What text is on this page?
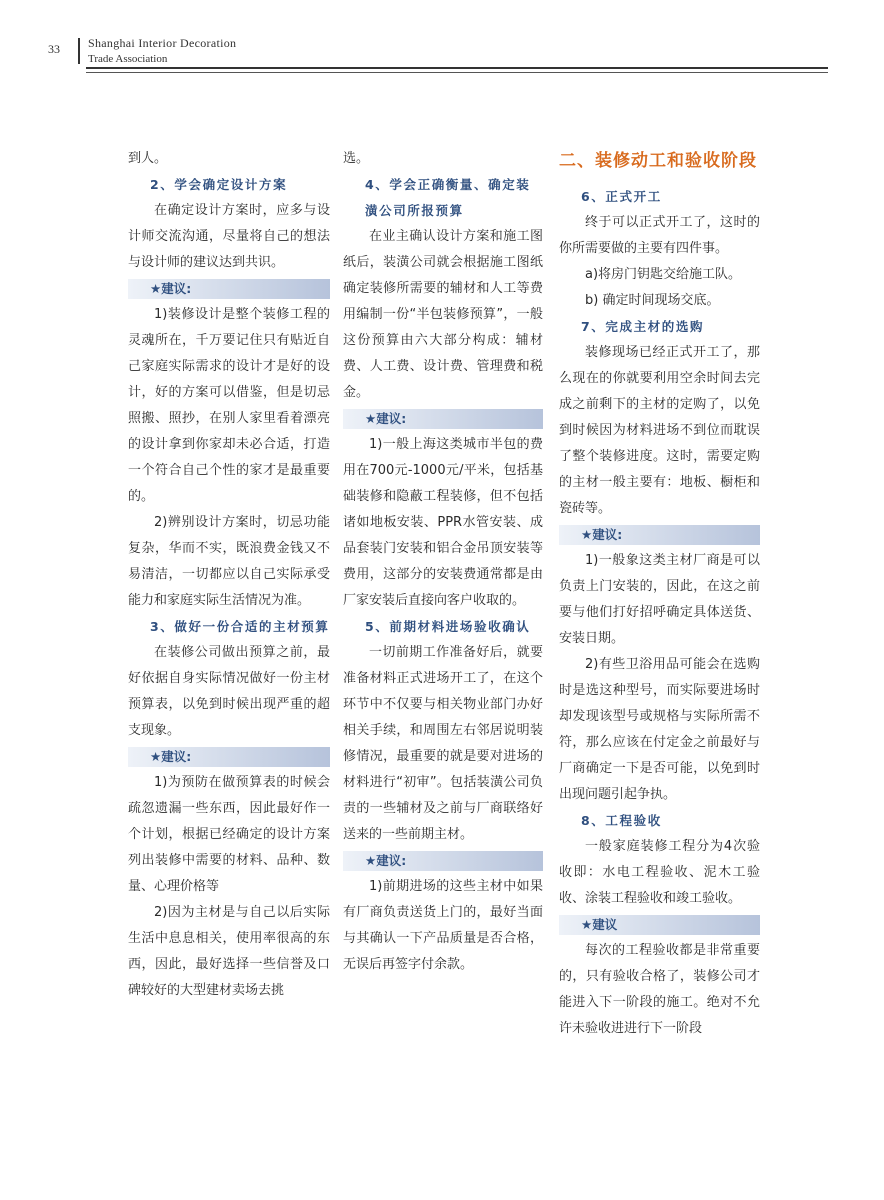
33 Shanghai Interior Decoration
Trade Association

到人。

2、学会确定设计方案

在确定设计方案时，应多与设计师交流沟通，尽量将自己的想法与设计师的建议达到共识。

★建议:

1)装修设计是整个装修工程的灵魂所在，千万要记住只有贴近自己家庭实际需求的设计才是好的设计，好的方案可以借鉴，但是切忌照搬、照抄，在别人家里看着漂亮的设计拿到你家却未必合适，打造一个符合自己个性的家才是最重要的。

2)辨别设计方案时，切忌功能复杂，华而不实，既浪费金钱又不易清洁，一切都应以自己实际承受能力和家庭实际生活情况为准。

3、做好一份合适的主材预算

在装修公司做出预算之前，最好依据自身实际情况做好一份主材预算表，以免到时候出现严重的超支现象。

★建议:

1)为预防在做预算表的时候会疏忽遗漏一些东西，因此最好作一个计划，根据已经确定的设计方案列出装修中需要的材料、品种、数量、心理价格等

2)因为主材是与自己以后实际生活中息息相关，使用率很高的东西，因此，最好选择一些信誉及口碑较好的大型建材卖场去挑

选。

4、学会正确衡量、确定装潢公司所报预算

在业主确认设计方案和施工图纸后，装潢公司就会根据施工图纸确定装修所需要的辅材和人工等费用编制一份“半包装修预算”，一般这份预算由六大部分构成：辅材费、人工费、设计费、管理费和税金。

★建议:

1)一般上海这类城市半包的费用在700元-1000元/平米，包括基础装修和隐蔽工程装修，但不包括诸如地板安装、PPR水管安装、成品套装门安装和铝合金吊顶安装等费用，这部分的安装费通常都是由厂家安装后直接向客户收取的。

5、前期材料进场验收确认

一切前期工作准备好后，就要准备材料正式进场开工了，在这个环节中不仅要与相关物业部门办好相关手续，和周围左右邻居说明装修情况，最重要的就是要对进场的材料进行“初审”。包括装潢公司负责的一些辅材及之前与厂商联络好送来的一些前期主材。

★建议:

1)前期进场的这些主材中如果有厂商负责送货上门的，最好当面与其确认一下产品质量是否合格，无误后再签字付余款。

二、装修动工和验收阶段
6、正式开工

终于可以正式开工了，这时的你所需要做的主要有四件事。

a)将房门钥匙交给施工队。

b) 确定时间现场交底。

7、完成主材的选购

装修现场已经正式开工了，那么现在的你就要利用空余时间去完成之前剩下的主材的定购了，以免到时候因为材料进场不到位而耽误了整个装修进度。这时，需要定购的主材一般主要有：地板、橱柜和瓷砖等。

★建议:

1)一般象这类主材厂商是可以负责上门安装的，因此，在这之前要与他们打好招呼确定具体送货、安装日期。

2)有些卫浴用品可能会在选购时是选这种型号，而实际要进场时却发现该型号或规格与实际所需不符，那么应该在付定金之前最好与厂商确定一下是否可能，以免到时出现问题引起争执。

8、工程验收

一般家庭装修工程分为4次验收即：水电工程验收、泥木工验收、涂装工程验收和竣工验收。

★建议

每次的工程验收都是非常重要的，只有验收合格了，装修公司才能进入下一阶段的施工。绝对不允许未验收进进行下一阶段
